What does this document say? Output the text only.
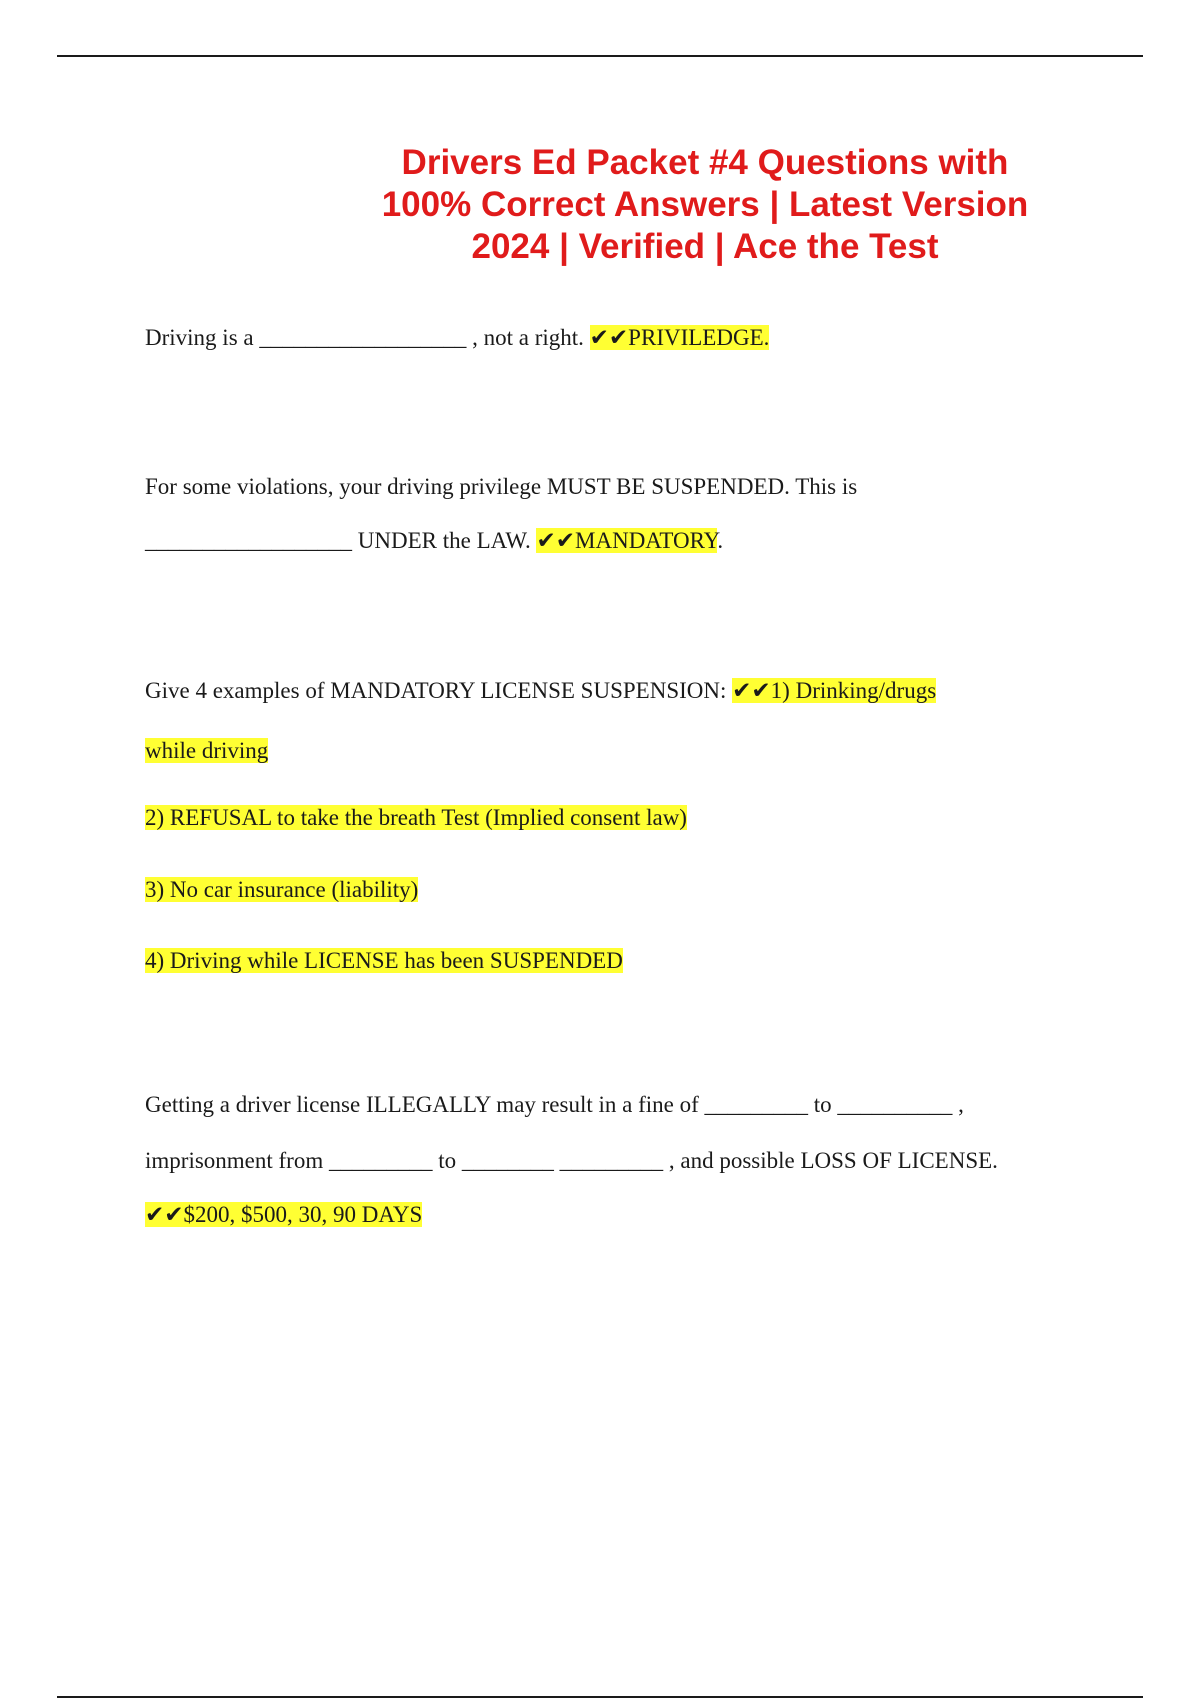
Drivers Ed Packet #4 Questions with
100% Correct Answers | Latest Version
2024 | Verified | Ace the Test
Driving is a __________________ , not a right. ✔✔PRIVILEDGE.
For some violations, your driving privilege MUST BE SUSPENDED. This is
__________________ UNDER the LAW. ✔✔MANDATORY.
Give 4 examples of MANDATORY LICENSE SUSPENSION: ✔✔1) Drinking/drugs
while driving
2) REFUSAL to take the breath Test (Implied consent law)
3) No car insurance (liability)
4) Driving while LICENSE has been SUSPENDED
Getting a driver license ILLEGALLY may result in a fine of _________ to __________ ,
imprisonment from _________ to ________ _________ , and possible LOSS OF LICENSE.
✔✔$200, $500, 30, 90 DAYS
